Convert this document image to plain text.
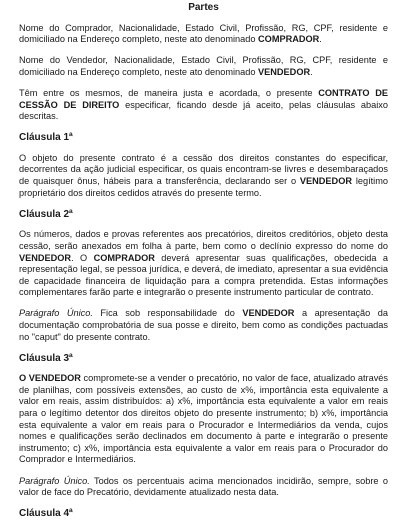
Partes

Nome do Comprador, Nacionalidade, Estado Civil, Profissão, RG, CPF, residente e domiciliado na Endereço completo, neste ato denominado COMPRADOR.

Nome do Vendedor, Nacionalidade, Estado Civil, Profissão, RG, CPF, residente e domiciliado na Endereço completo, neste ato denominado VENDEDOR.

Têm entre os mesmos, de maneira justa e acordada, o presente CONTRATO DE CESSÃO DE DIREITO especificar, ficando desde já aceito, pelas cláusulas abaixo descritas.

Cláusula 1ª

O objeto do presente contrato é a cessão dos direitos constantes do especificar, decorrentes da ação judicial especificar, os quais encontram-se livres e desembaraçados de quaisquer ônus, hábeis para a transferência, declarando ser o VENDEDOR legítimo proprietário dos direitos cedidos através do presente termo.

Cláusula 2ª

Os números, dados e provas referentes aos precatórios, direitos creditórios, objeto desta cessão, serão anexados em folha à parte, bem como o declínio expresso do nome do VENDEDOR. O COMPRADOR deverá apresentar suas qualificações, obedecida a representação legal, se pessoa jurídica, e deverá, de imediato, apresentar a sua evidência de capacidade financeira de liquidação para a compra pretendida. Estas informações complementares farão parte e integrarão o presente instrumento particular de contrato.

Parágrafo Único. Fica sob responsabilidade do VENDEDOR a apresentação da documentação comprobatória de sua posse e direito, bem como as condições pactuadas no "caput" do presente contrato.

Cláusula 3ª

O VENDEDOR compromete-se a vender o precatório, no valor de face, atualizado através de planilhas, com possíveis extensões, ao custo de x%, importância esta equivalente a valor em reais, assim distribuídos: a) x%, importância esta equivalente a valor em reais para o legítimo detentor dos direitos objeto do presente instrumento; b) x%, importância esta equivalente a valor em reais para o Procurador e Intermediários da venda, cujos nomes e qualificações serão declinados em documento à parte e integrarão o presente instrumento; c) x%, importância esta equivalente a valor em reais para o Procurador do Comprador e Intermediários.

Parágrafo Único. Todos os percentuais acima mencionados incidirão, sempre, sobre o valor de face do Precatório, devidamente atualizado nesta data.

Cláusula 4ª
